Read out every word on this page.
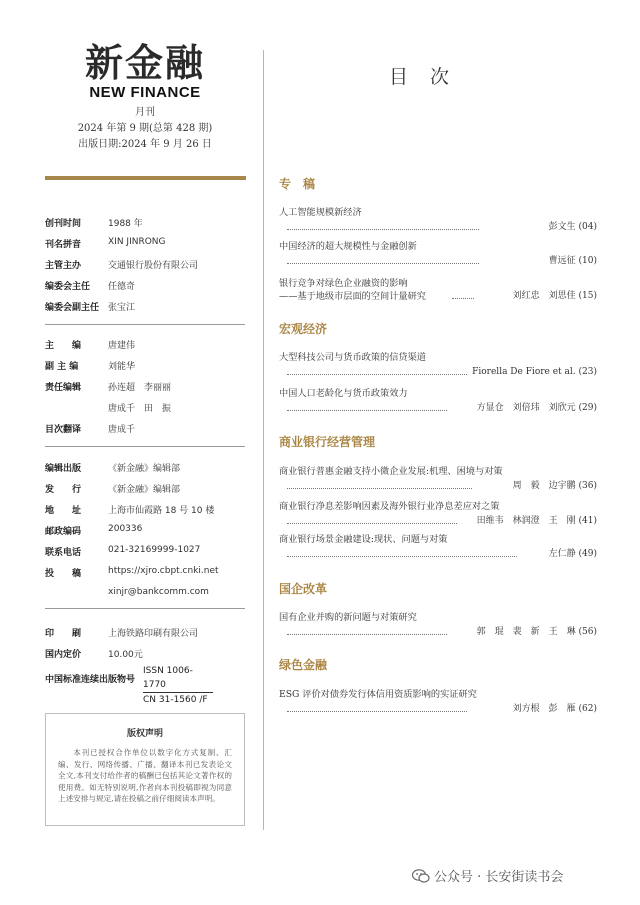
新金融
NEW FINANCE
月刊
2024 年第 9 期(总第 428 期)
出版日期:2024 年 9 月 26 日
创刊时间	1988 年
刊名拼音	XIN JINRONG
主管主办	交通银行股份有限公司
编委会主任 任德奇
编委会副主任 张宝江
主　　编	唐建伟
副 主 编	刘能华
责任编辑	孙连超　李丽丽
唐成千　田　振
目次翻译	唐成千
编辑出版	《新金融》编辑部
发　　行	《新金融》编辑部
地　　址	上海市仙霞路 18 号 10 楼
邮政编码	200336
联系电话	021-32169999-1027
投　　稿	https://xjro.cbpt.cnki.net
xinjr@bankcomm.com
印　　刷	上海铁路印刷有限公司
国内定价	10.00元
中国标准连续出版物号
ISSN 1006-1770
CN 31-1560 /F
版权声明
本刊已授权合作单位以数字化方式复制、汇编、发行、网络传播、广播、翻译本刊已发表论文全文,本刊支付给作者的稿酬已包括其论文著作权的使用费。如无特别说明,作者向本刊投稿即视为同意上述安排与规定,请在投稿之前仔细阅读本声明。
目次
专　稿
人工智能规模新经济
彭文生 (04)
中国经济的超大规模性与金融创新
曹远征 (10)
银行竞争对绿色企业融资的影响
——基于地级市层面的空间计量研究	刘红忠　刘思佳 (15)
宏观经济
大型科技公司与货币政策的信贷渠道
Fiorella De Fiore et al. (23)
中国人口老龄化与货币政策效力
方显仓　刘倍玮　刘欣元 (29)
商业银行经营管理
商业银行普惠金融支持小微企业发展:机理、困境与对策
周　毅　边宇鹏 (36)
商业银行净息差影响因素及海外银行业净息差应对之策
田维韦　林润澄　王　刚 (41)
商业银行场景金融建设:现状、问题与对策
左仁静 (49)
国企改革
国有企业并购的新问题与对策研究
郭　琨　裴　新　王　琳 (56)
绿色金融
ESG 评价对债券发行体信用资质影响的实证研究
刘方根　彭　雁 (62)
公众号 · 长安街读书会
